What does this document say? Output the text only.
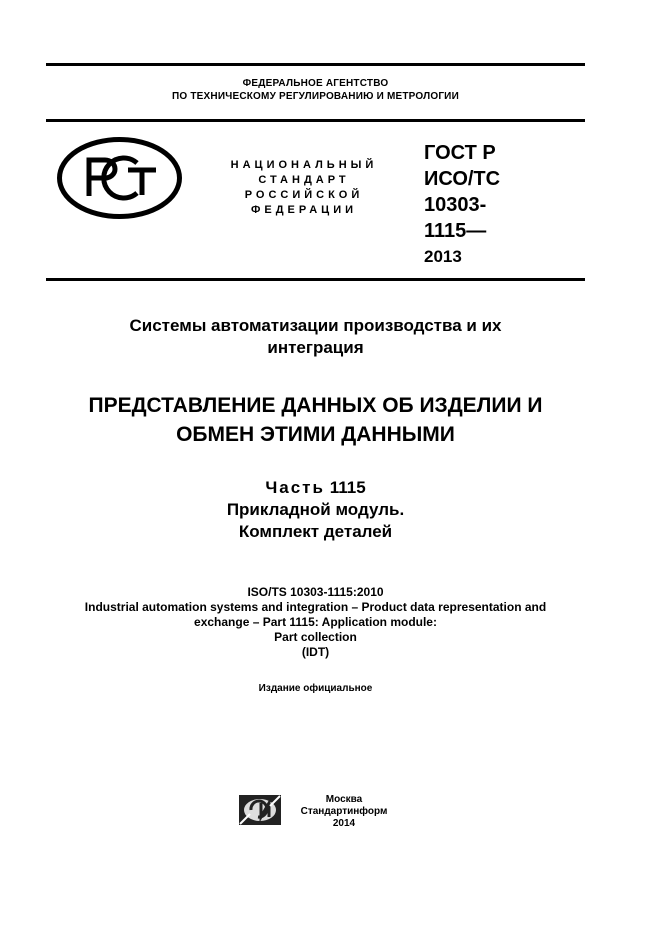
ФЕДЕРАЛЬНОЕ АГЕНТСТВО
ПО ТЕХНИЧЕСКОМУ РЕГУЛИРОВАНИЮ И МЕТРОЛОГИИ
НАЦИОНАЛЬНЫЙ
СТАНДАРТ
РОССИЙСКОЙ
ФЕДЕРАЦИИ
ГОСТ Р
ИСО/ТС
10303-
1115—
2013
Системы автоматизации производства и их
интеграция
ПРЕДСТАВЛЕНИЕ ДАННЫХ ОБ ИЗДЕЛИИ И
ОБМЕН ЭТИМИ ДАННЫМИ
Часть 1115
Прикладной модуль.
Комплект деталей
ISO/TS 10303-1115:2010
Industrial automation systems and integration – Product data representation and
exchange – Part 1115: Application module:
Part collection
(IDT)
Издание официальное
Москва
Стандартинформ
2014
